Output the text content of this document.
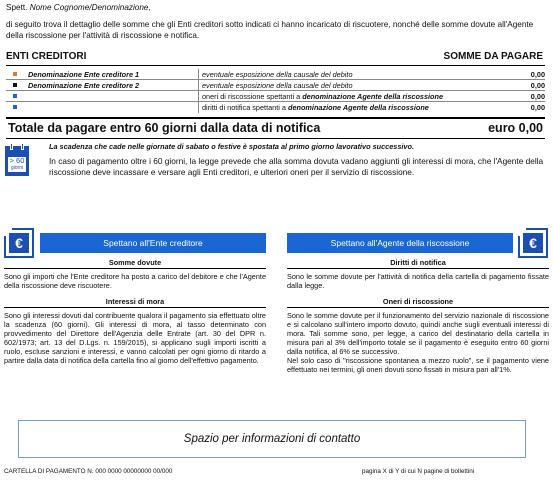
Spett. Nome Cognome/Denominazione,
di seguito trova il dettaglio delle somme che gli Enti creditori sotto indicati ci hanno incaricato di riscuotere, nonché delle somme dovute all'Agente della riscossione per l'attività di riscossione e notifica.
ENTI CREDITORI	SOMME DA PAGARE
Denominazione Ente creditore 1	eventuale esposizione della causale del debito	0,00
Denominazione Ente creditore 2	eventuale esposizione della causale del debito	0,00
oneri di riscossione spettanti a denominazione Agente della riscossione	0,00
diritti di notifica spettanti a denominazione Agente della riscossione	0,00
Totale da pagare entro 60 giorni dalla data di notifica	euro 0,00
> 60
giorni
La scadenza che cade nelle giornate di sabato o festive è spostata al primo giorno lavorativo successivo.
In caso di pagamento oltre i 60 giorni, la legge prevede che alla somma dovuta vadano aggiunti gli interessi di mora, che l'Agente della riscossione deve incassare e versare agli Enti creditori, e ulteriori oneri per il servizio di riscossione.
€	Spettano all'Ente creditore
Somme dovute

Sono gli importi che l'Ente creditore ha posto a carico del debitore e che l'Agente della riscossione deve riscuotere.

Interessi di mora

Sono gli interessi dovuti dal contribuente qualora il pagamento sia effettuato oltre la scadenza (60 giorni). Gli interessi di mora, al tasso determinato con provvedimento del Direttore dell'Agenzia delle Entrate (art. 30 del DPR n. 602/1973; art. 13 del D.Lgs. n. 159/2015), si applicano sugli importi iscritti a ruolo, escluse sanzioni e interessi, e vanno calcolati per ogni giorno di ritardo a partire dalla data di notifica della cartella fino al giorno dell'effettivo pagamento.

Spettano all'Agente della riscossione	€
Diritti di notifica

Sono le somme dovute per l'attività di notifica della cartella di pagamento fissate dalla legge.

Oneri di riscossione

Sono le somme dovute per il funzionamento del servizio nazionale di riscossione e si calcolano sull'intero importo dovuto, quindi anche sugli eventuali interessi di mora. Tali somme sono, per legge, a carico del destinatario della cartella in misura pari al 3% dell'importo totale se il pagamento è eseguito entro 60 giorni dalla notifica, al 6% se successivo.

Nel solo caso di "riscossione spontanea a mezzo ruolo", se il pagamento viene effettuato nei termini, gli oneri dovuti sono fissati in misura pari all'1%.

Spazio per informazioni di contatto
CARTELLA DI PAGAMENTO N. 000 0000 00000000 00/000	pagina X di Y di cui N pagine di bollettini
